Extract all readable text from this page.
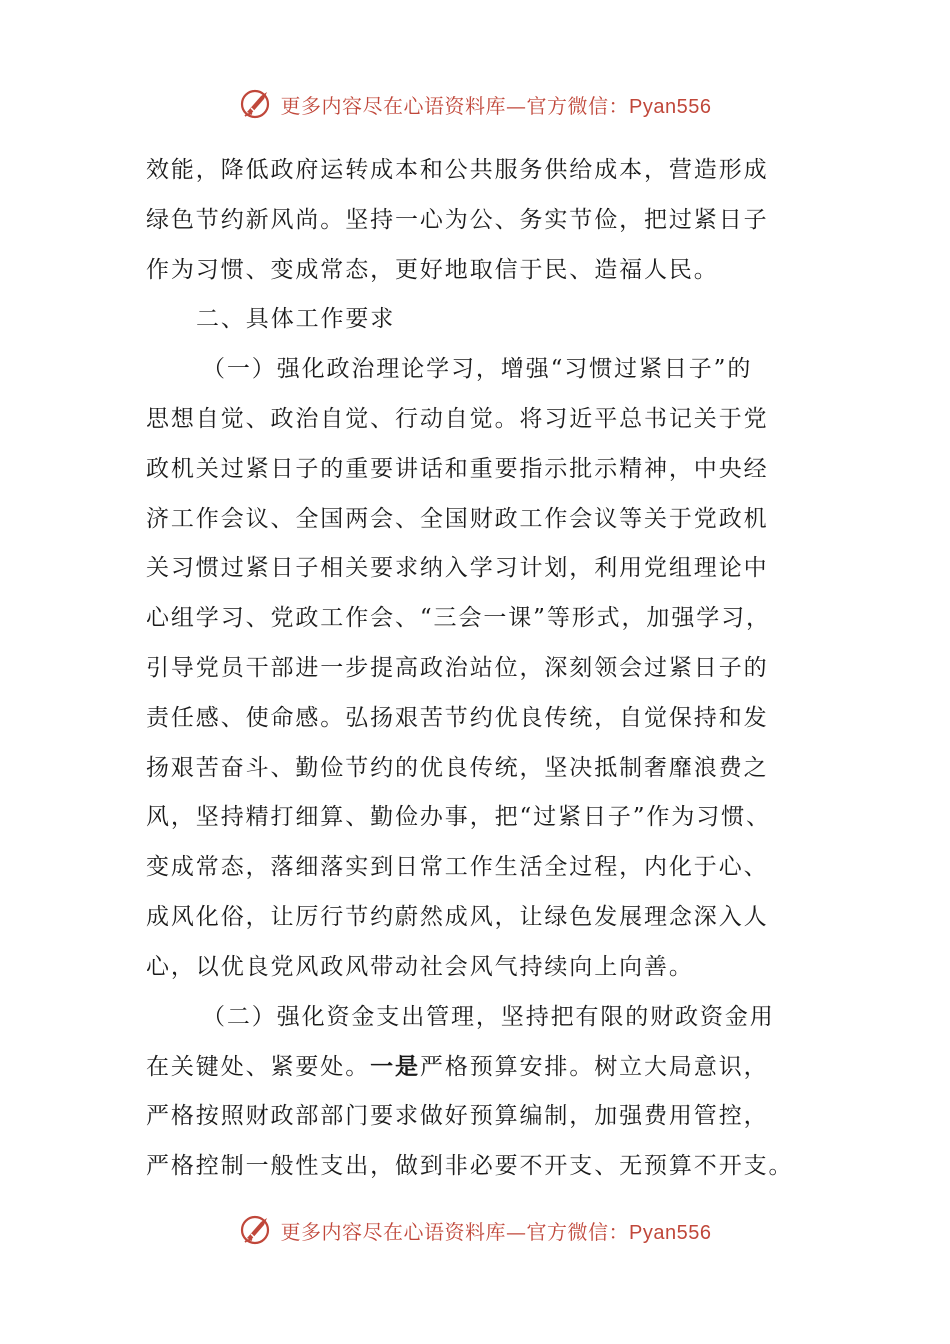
更多内容尽在心语资料库—官方微信：Pyan556
效能，降低政府运转成本和公共服务供给成本，营造形成
绿色节约新风尚。坚持一心为公、务实节俭，把过紧日子
作为习惯、变成常态，更好地取信于民、造福人民。
二、具体工作要求
（一）强化政治理论学习，增强“习惯过紧日子”的
思想自觉、政治自觉、行动自觉。将习近平总书记关于党
政机关过紧日子的重要讲话和重要指示批示精神，中央经
济工作会议、全国两会、全国财政工作会议等关于党政机
关习惯过紧日子相关要求纳入学习计划，利用党组理论中
心组学习、党政工作会、“三会一课”等形式，加强学习，
引导党员干部进一步提高政治站位，深刻领会过紧日子的
责任感、使命感。弘扬艰苦节约优良传统，自觉保持和发
扬艰苦奋斗、勤俭节约的优良传统，坚决抵制奢靡浪费之
风，坚持精打细算、勤俭办事，把“过紧日子”作为习惯、
变成常态，落细落实到日常工作生活全过程，内化于心、
成风化俗，让厉行节约蔚然成风，让绿色发展理念深入人
心，以优良党风政风带动社会风气持续向上向善。
（二）强化资金支出管理，坚持把有限的财政资金用
在关键处、紧要处。一是严格预算安排。树立大局意识，
严格按照财政部部门要求做好预算编制，加强费用管控，
严格控制一般性支出，做到非必要不开支、无预算不开支。
更多内容尽在心语资料库—官方微信：Pyan556
